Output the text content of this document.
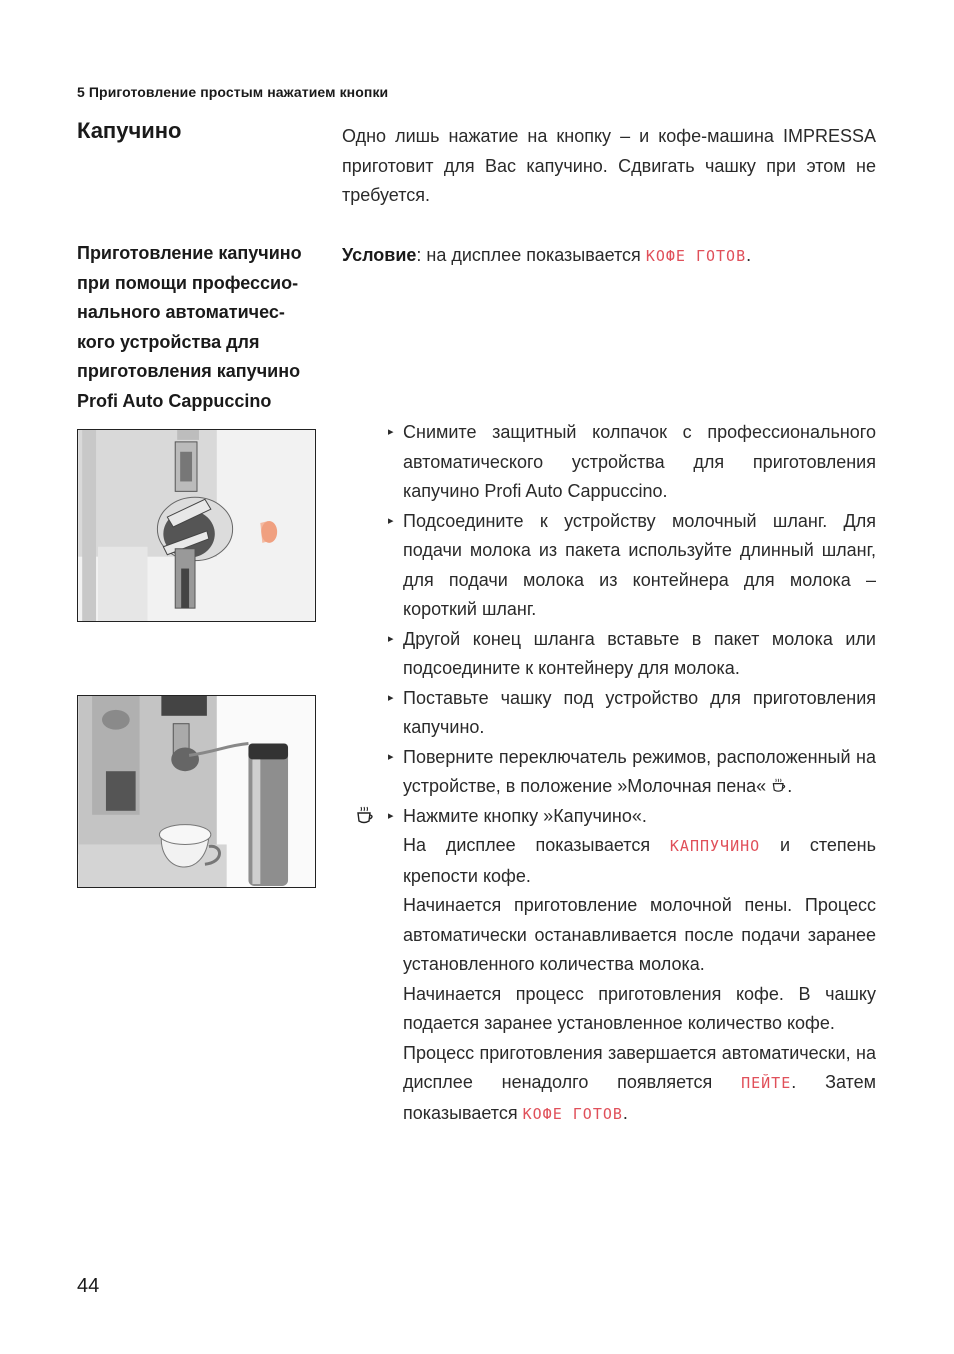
5 Приготовление простым нажатием кнопки
Капучино	Одно лишь нажатие на кнопку – и кофе-машина IMPRESSA приготовит для Вас капучино. Сдвигать чашку при этом не требуется.

Приготовление капучино
при помощи профессио-
нального автоматичес-
кого устройства для
приготовления капучино
Profi Auto Cappuccino

Условие: на дисплее показывается КОФЕ ГОТОВ.

▸ Снимите защитный колпачок с профессионального автоматического устройства для приготовления капучино Profi Auto Cappuccino.
▸ Подсоедините к устройству молочный шланг. Для подачи молока из пакета используйте длинный шланг, для подачи молока из контейнера для молока – короткий шланг.
▸ Другой конец шланга вставьте в пакет молока или подсоедините к контейнеру для молока.
▸ Поставьте чашку под устройство для приготовления капучино.
▸ Поверните переключатель режимов, расположенный на устройстве, в положение »Молочная пена« .
▸ Нажмите кнопку »Капучино«.

На дисплее показывается КАППУЧИНО и степень крепости кофе.

Начинается приготовление молочной пены. Процесс автоматически останавливается после подачи заранее установленного количества молока.

Начинается процесс приготовления кофе. В чашку подается заранее установленное количество кофе.

Процесс приготовления завершается автоматически, на дисплее ненадолго появляется ПЕЙТЕ. Затем показывается КОФЕ ГОТОВ.

44
